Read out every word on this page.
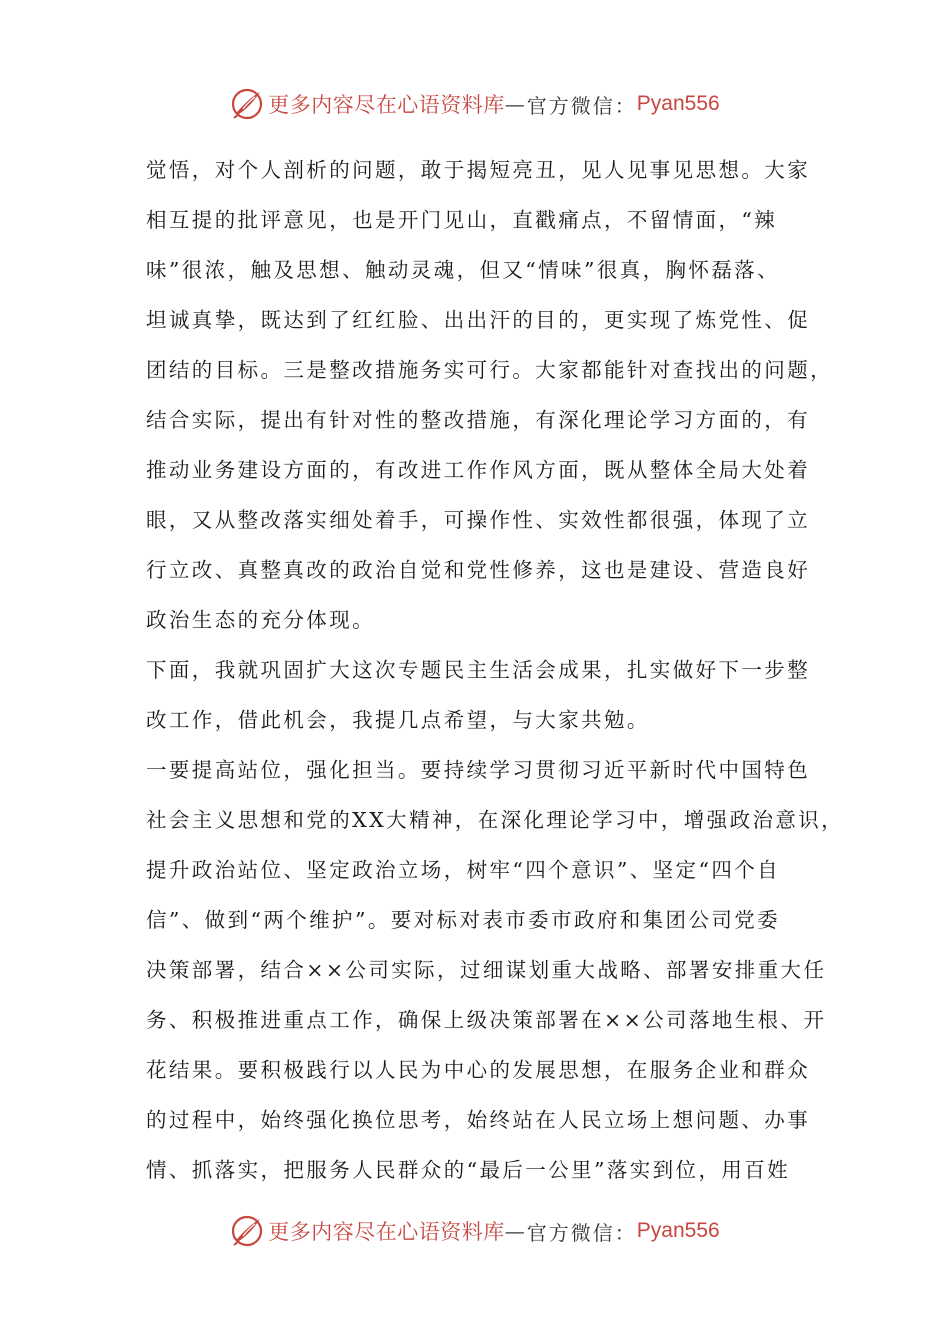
更多内容尽在心语资料库 — 官方微信： Pyan556
觉悟，对个人剖析的问题，敢于揭短亮丑，见人见事见思想。大家
相互提的批评意见，也是开门见山，直戳痛点，不留情面，“辣
味”很浓，触及思想、触动灵魂，但又“情味”很真，胸怀磊落、
坦诚真挚，既达到了红红脸、出出汗的目的，更实现了炼党性、促
团结的目标。三是整改措施务实可行。大家都能针对查找出的问题，
结合实际，提出有针对性的整改措施，有深化理论学习方面的，有
推动业务建设方面的，有改进工作作风方面，既从整体全局大处着
眼，又从整改落实细处着手，可操作性、实效性都很强，体现了立
行立改、真整真改的政治自觉和党性修养，这也是建设、营造良好
政治生态的充分体现。
下面，我就巩固扩大这次专题民主生活会成果，扎实做好下一步整
改工作，借此机会，我提几点希望，与大家共勉。
一要提高站位，强化担当。要持续学习贯彻习近平新时代中国特色
社会主义思想和党的XX大精神，在深化理论学习中，增强政治意识，
提升政治站位、坚定政治立场，树牢“四个意识”、坚定“四个自
信”、做到“两个维护”。要对标对表市委市政府和集团公司党委
决策部署，结合××公司实际，过细谋划重大战略、部署安排重大任
务、积极推进重点工作，确保上级决策部署在××公司落地生根、开
花结果。要积极践行以人民为中心的发展思想，在服务企业和群众
的过程中，始终强化换位思考，始终站在人民立场上想问题、办事
情、抓落实，把服务人民群众的“最后一公里”落实到位，用百姓
更多内容尽在心语资料库 — 官方微信： Pyan556
